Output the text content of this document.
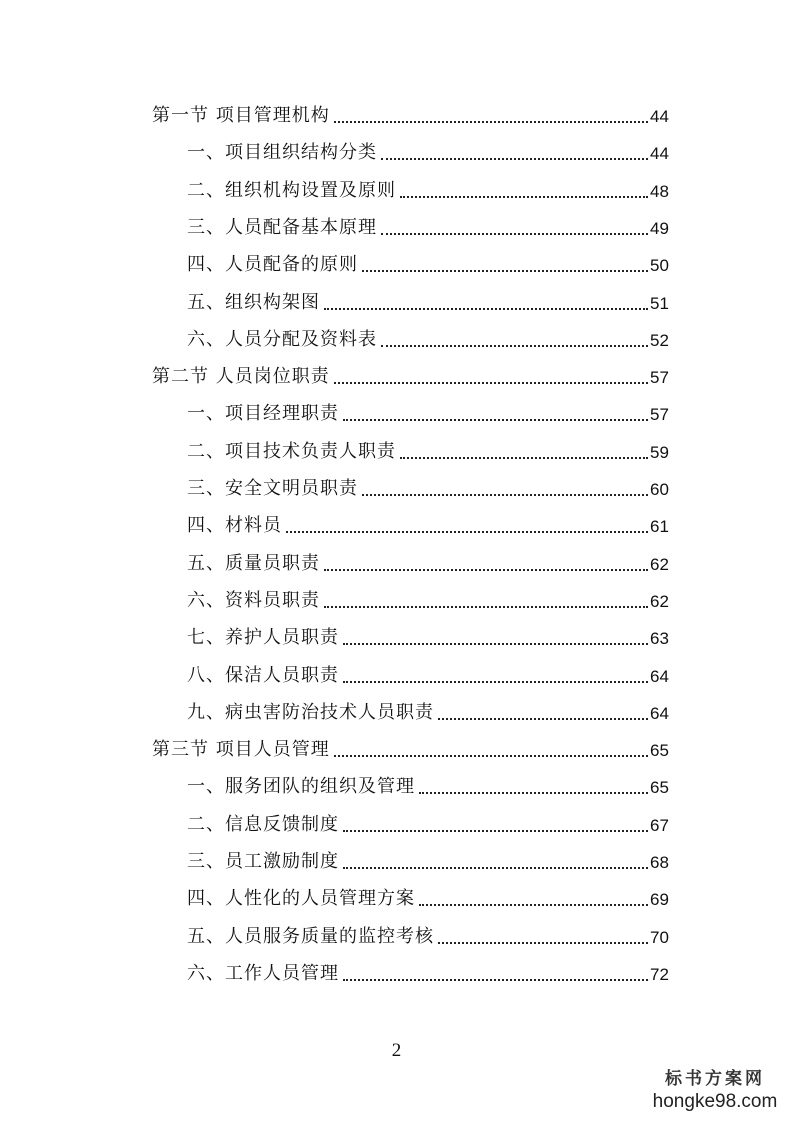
第一节 项目管理机构	44
一、项目组织结构分类	44
二、组织机构设置及原则	48
三、人员配备基本原理	49
四、人员配备的原则	50
五、组织构架图	51
六、人员分配及资料表	52
第二节 人员岗位职责	57
一、项目经理职责	57
二、项目技术负责人职责	59
三、安全文明员职责	60
四、材料员	61
五、质量员职责	62
六、资料员职责	62
七、养护人员职责	63
八、保洁人员职责	64
九、病虫害防治技术人员职责	64
第三节 项目人员管理	65
一、服务团队的组织及管理	65
二、信息反馈制度	67
三、员工激励制度	68
四、人性化的人员管理方案	69
五、人员服务质量的监控考核	70
六、工作人员管理	72
2
标书方案网
hongke98.com
